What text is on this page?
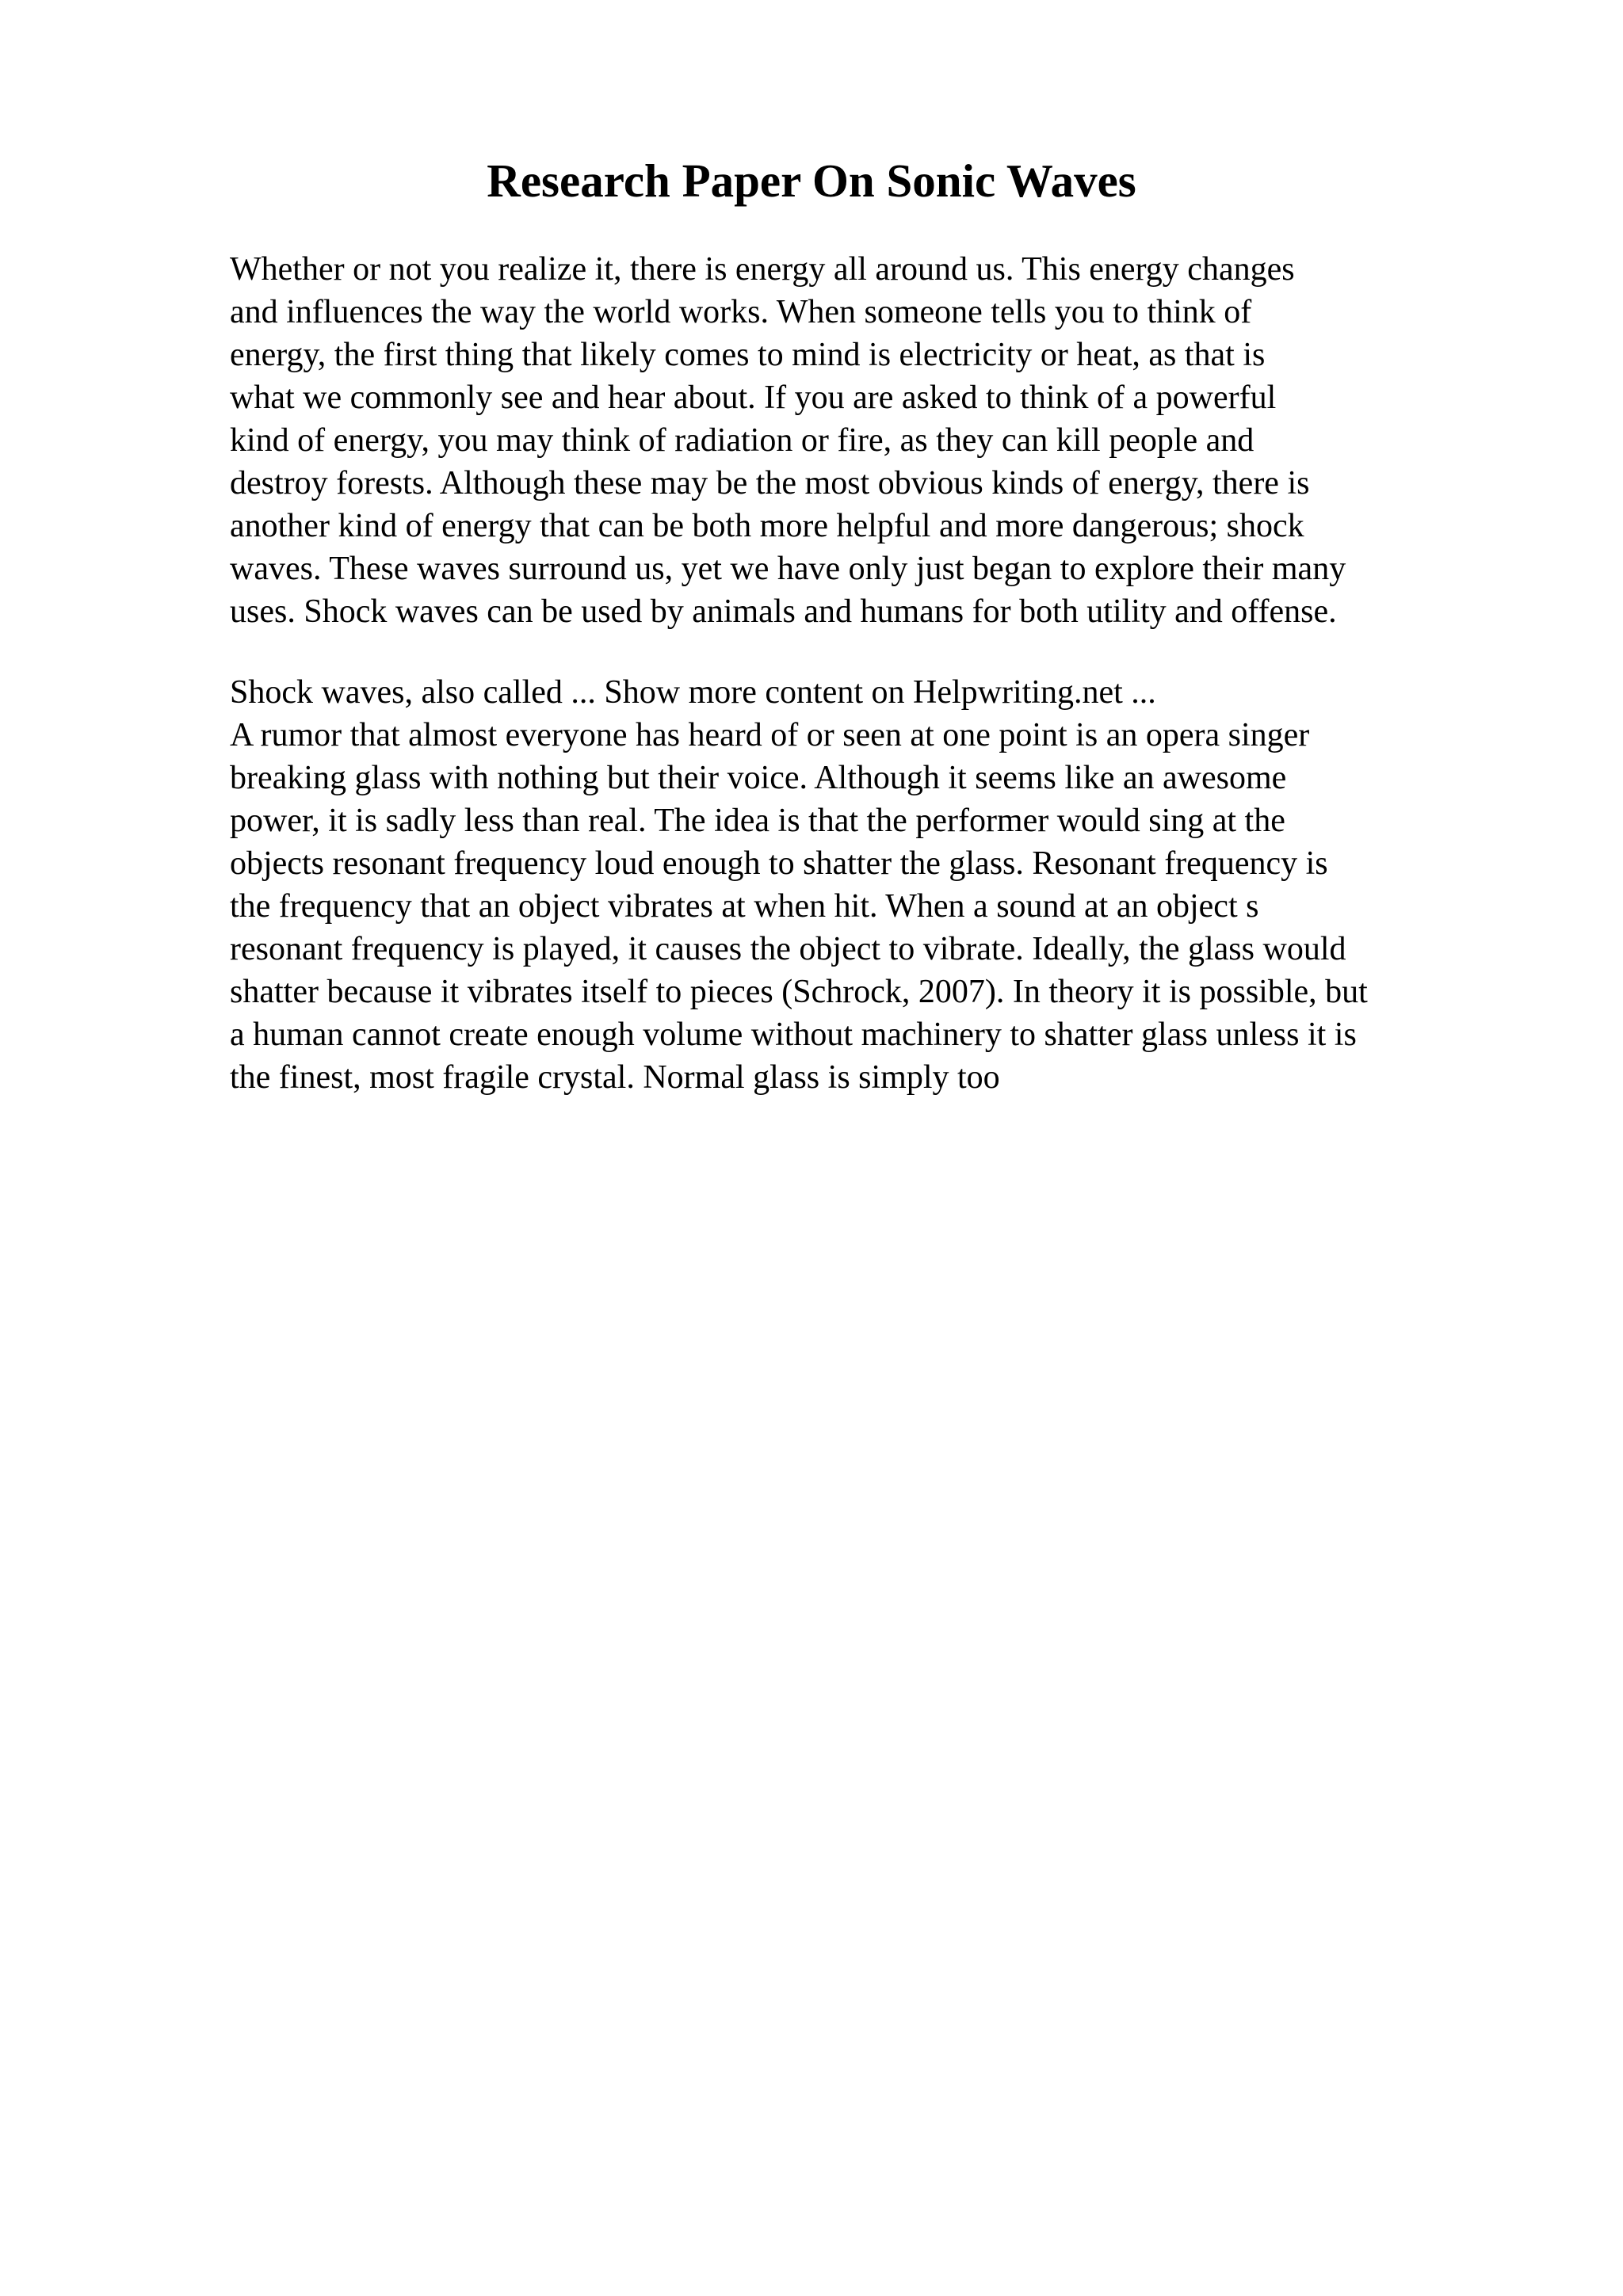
Research Paper On Sonic Waves
Whether or not you realize it, there is energy all around us. This energy changes
and influences the way the world works. When someone tells you to think of
energy, the first thing that likely comes to mind is electricity or heat, as that is
what we commonly see and hear about. If you are asked to think of a powerful
kind of energy, you may think of radiation or fire, as they can kill people and
destroy forests. Although these may be the most obvious kinds of energy, there is
another kind of energy that can be both more helpful and more dangerous; shock
waves. These waves surround us, yet we have only just began to explore their many
uses. Shock waves can be used by animals and humans for both utility and offense.
Shock waves, also called ... Show more content on Helpwriting.net ...
A rumor that almost everyone has heard of or seen at one point is an opera singer
breaking glass with nothing but their voice. Although it seems like an awesome
power, it is sadly less than real. The idea is that the performer would sing at the
objects resonant frequency loud enough to shatter the glass. Resonant frequency is
the frequency that an object vibrates at when hit. When a sound at an object s
resonant frequency is played, it causes the object to vibrate. Ideally, the glass would
shatter because it vibrates itself to pieces (Schrock, 2007). In theory it is possible, but
a human cannot create enough volume without machinery to shatter glass unless it is
the finest, most fragile crystal. Normal glass is simply too
